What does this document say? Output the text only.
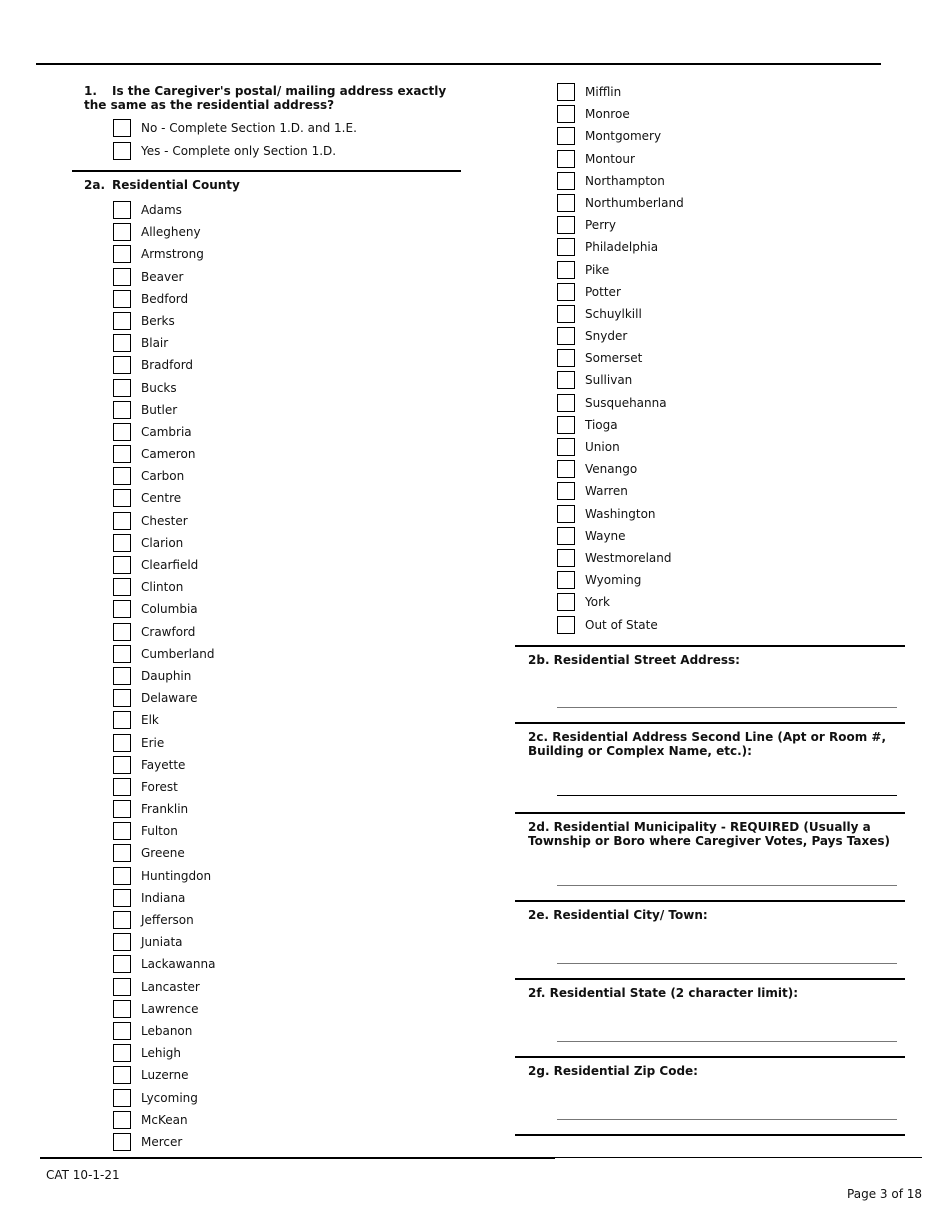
1. Is the Caregiver's postal/ mailing address exactly the same as the residential address?
No - Complete Section 1.D. and 1.E.
Yes - Complete only Section 1.D.
2a. Residential County
Adams
Allegheny
Armstrong
Beaver
Bedford
Berks
Blair
Bradford
Bucks
Butler
Cambria
Cameron
Carbon
Centre
Chester
Clarion
Clearfield
Clinton
Columbia
Crawford
Cumberland
Dauphin
Delaware
Elk
Erie
Fayette
Forest
Franklin
Fulton
Greene
Huntingdon
Indiana
Jefferson
Juniata
Lackawanna
Lancaster
Lawrence
Lebanon
Lehigh
Luzerne
Lycoming
McKean
Mercer
Mifflin
Monroe
Montgomery
Montour
Northampton
Northumberland
Perry
Philadelphia
Pike
Potter
Schuylkill
Snyder
Somerset
Sullivan
Susquehanna
Tioga
Union
Venango
Warren
Washington
Wayne
Westmoreland
Wyoming
York
Out of State
2b. Residential Street Address:
2c. Residential Address Second Line (Apt or Room #, Building or Complex Name, etc.):
2d. Residential Municipality - REQUIRED (Usually a Township or Boro where Caregiver Votes, Pays Taxes)
2e. Residential City/ Town:
2f. Residential State (2 character limit):
2g. Residential Zip Code:
CAT 10-1-21
Page 3 of 18
